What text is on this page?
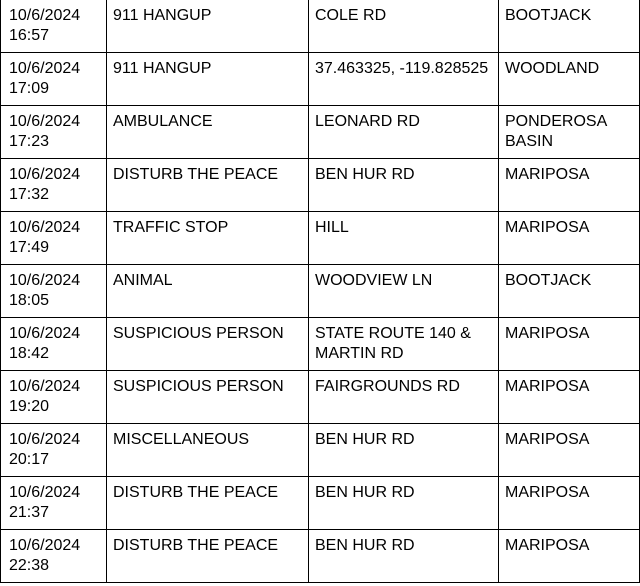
10/6/2024
16:57	911 HANGUP	COLE RD	BOOTJACK
10/6/2024
17:09	911 HANGUP	37.463325, -119.828525	WOODLAND
10/6/2024
17:23	AMBULANCE	LEONARD RD	PONDEROSA BASIN
10/6/2024
17:32	DISTURB THE PEACE	BEN HUR RD	MARIPOSA
10/6/2024
17:49	TRAFFIC STOP	HILL	MARIPOSA
10/6/2024
18:05	ANIMAL	WOODVIEW LN	BOOTJACK
10/6/2024
18:42	SUSPICIOUS PERSON	STATE ROUTE 140 & MARTIN RD	MARIPOSA
10/6/2024
19:20	SUSPICIOUS PERSON	FAIRGROUNDS RD	MARIPOSA
10/6/2024
20:17	MISCELLANEOUS	BEN HUR RD	MARIPOSA
10/6/2024
21:37	DISTURB THE PEACE	BEN HUR RD	MARIPOSA
10/6/2024
22:38	DISTURB THE PEACE	BEN HUR RD	MARIPOSA
